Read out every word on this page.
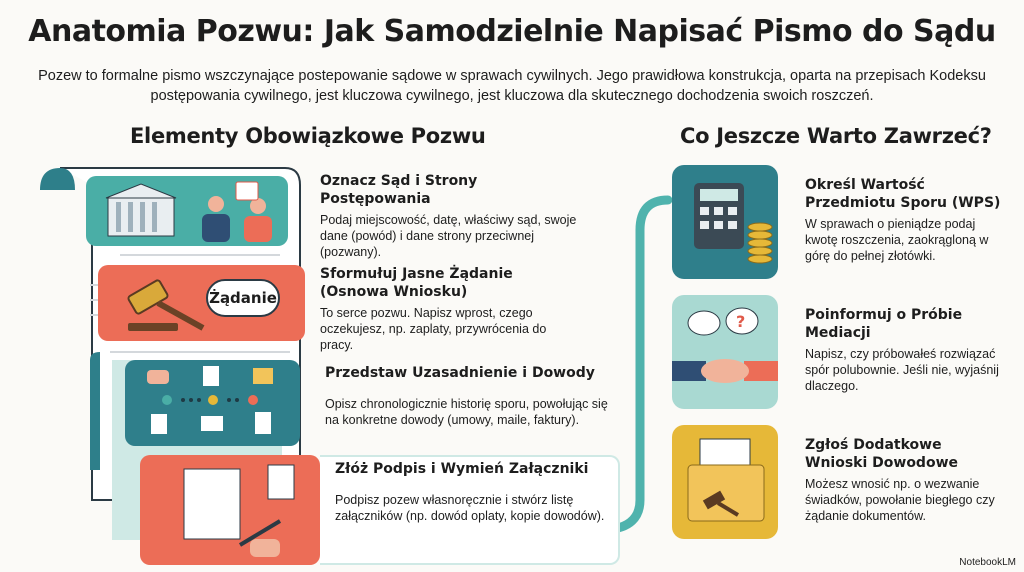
Anatomia Pozwu: Jak Samodzielnie Napisać Pismo do Sądu
Pozew to formalne pismo wszczynające postepowanie sądowe w sprawach cywilnych. Jego prawidłowa konstrukcja, oparta na przepisach Kodeksu postępowania cywilnego, jest kluczowa cywilnego, jest kluczowa dla skutecznego dochodzenia swoich roszczeń.
Elementy Obowiązkowe Pozwu	Co Jeszcze Warto Zawrzeć?
Żądanie
Oznacz Sąd i Strony Postępowania
Podaj miejscowość, datę, właściwy sąd, swoje dane (powód) i dane strony przeciwnej (pozwany).
Sformułuj Jasne Żądanie (Osnowa Wniosku)
To serce pozwu. Napisz wprost, czego oczekujesz, np. zaplaty, przywrócenia do pracy.
Przedstaw Uzasadnienie i Dowody
Opisz chronologicznie historię sporu, powołując się na konkretne dowody (umowy, maile, faktury).
Złóż Podpis i Wymień Załączniki
Podpisz pozew własnoręcznie i stwórz listę załączników (np. dowód oplaty, kopie dowodów).
?
Określ Wartość Przedmiotu Sporu (WPS)
W sprawach o pieniądze podaj kwotę roszczenia, zaokrągloną w górę do pełnej złotówki.
Poinformuj o Próbie Mediacji
Napisz, czy próbowałeś rozwiązać spór polubownie. Jeśli nie, wyjaśnij dlaczego.
Zgłoś Dodatkowe Wnioski Dowodowe
Możesz wnosić np. o wezwanie świadków, powołanie biegłego czy żądanie dokumentów.
NotebookLM
